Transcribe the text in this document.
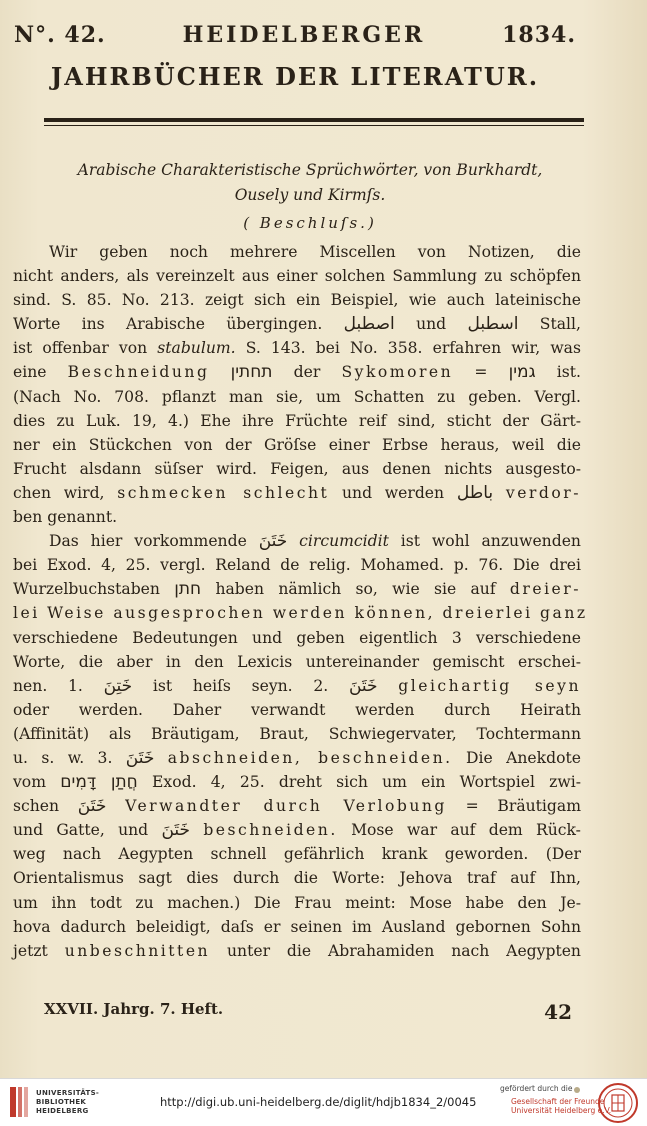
N°. 42.	HEIDELBERGER	1834.
JAHRBÜCHER DER LITERATUR.
Arabische Charakteristische Sprüchwörter, von Burkhardt,
Ousely und Kirmſs.
( Beschluſs.)
Wir geben noch mehrere Miscellen von Notizen, die
nicht anders, als vereinzelt aus einer solchen Sammlung zu schöpfen
sind. S. 85. No. 213. zeigt sich ein Beispiel, wie auch lateinische
Worte ins Arabische übergingen. اصطبل und اسطبل Stall,
ist offenbar von stabulum. S. 143. bei No. 358. erfahren wir, was
eine Beschneidung תחתין der Sykomoren = גמין ist.
(Nach No. 708. pflanzt man sie, um Schatten zu geben. Vergl.
dies zu Luk. 19, 4.) Ehe ihre Früchte reif sind, sticht der Gärt-
ner ein Stückchen von der Gröſse einer Erbse heraus, weil die
Frucht alsdann süſser wird. Feigen, aus denen nichts ausgesto-
chen wird, schmecken schlecht und werden باطل verdor-
ben genannt.
Das hier vorkommende خَتَنَ circumcidit ist wohl anzuwenden
bei Exod. 4, 25. vergl. Reland de relig. Mohamed. p. 76. Die drei
Wurzelbuchstaben חתן haben nämlich so, wie sie auf dreier-
lei Weise ausgesprochen werden können, dreierlei ganz
verschiedene Bedeutungen und geben eigentlich 3 verschiedene
Worte, die aber in den Lexicis untereinander gemischt erschei-
nen. 1. خَتِنَ ist heiſs seyn. 2. خَتَنَ gleichartig seyn
oder werden. Daher verwandt werden durch Heirath
(Affinität) als Bräutigam, Braut, Schwiegervater, Tochtermann
u. s. w. 3. خَتَنَ abschneiden, beschneiden. Die Anekdote
vom חֲתַן דָּמִים Exod. 4, 25. dreht sich um ein Wortspiel zwi-
schen خَتَنَ Verwandter durch Verlobung = Bräutigam
und Gatte, und خَتَنَ beschneiden. Mose war auf dem Rück-
weg nach Aegypten schnell gefährlich krank geworden. (Der
Orientalismus sagt dies durch die Worte: Jehova traf auf Ihn,
um ihn todt zu machen.) Die Frau meint: Mose habe den Je-
hova dadurch beleidigt, daſs er seinen im Ausland gebornen Sohn
jetzt unbeschnitten unter die Abrahamiden nach Aegypten
XXVII. Jahrg. 7. Heft.	42
UNIVERSITÄTS-
BIBLIOTHEK
HEIDELBERG
http://digi.ub.uni-heidelberg.de/diglit/hdjb1834_2/0045
gefördert durch die
Gesellschaft der Freunde
Universität Heidelberg e.V.
